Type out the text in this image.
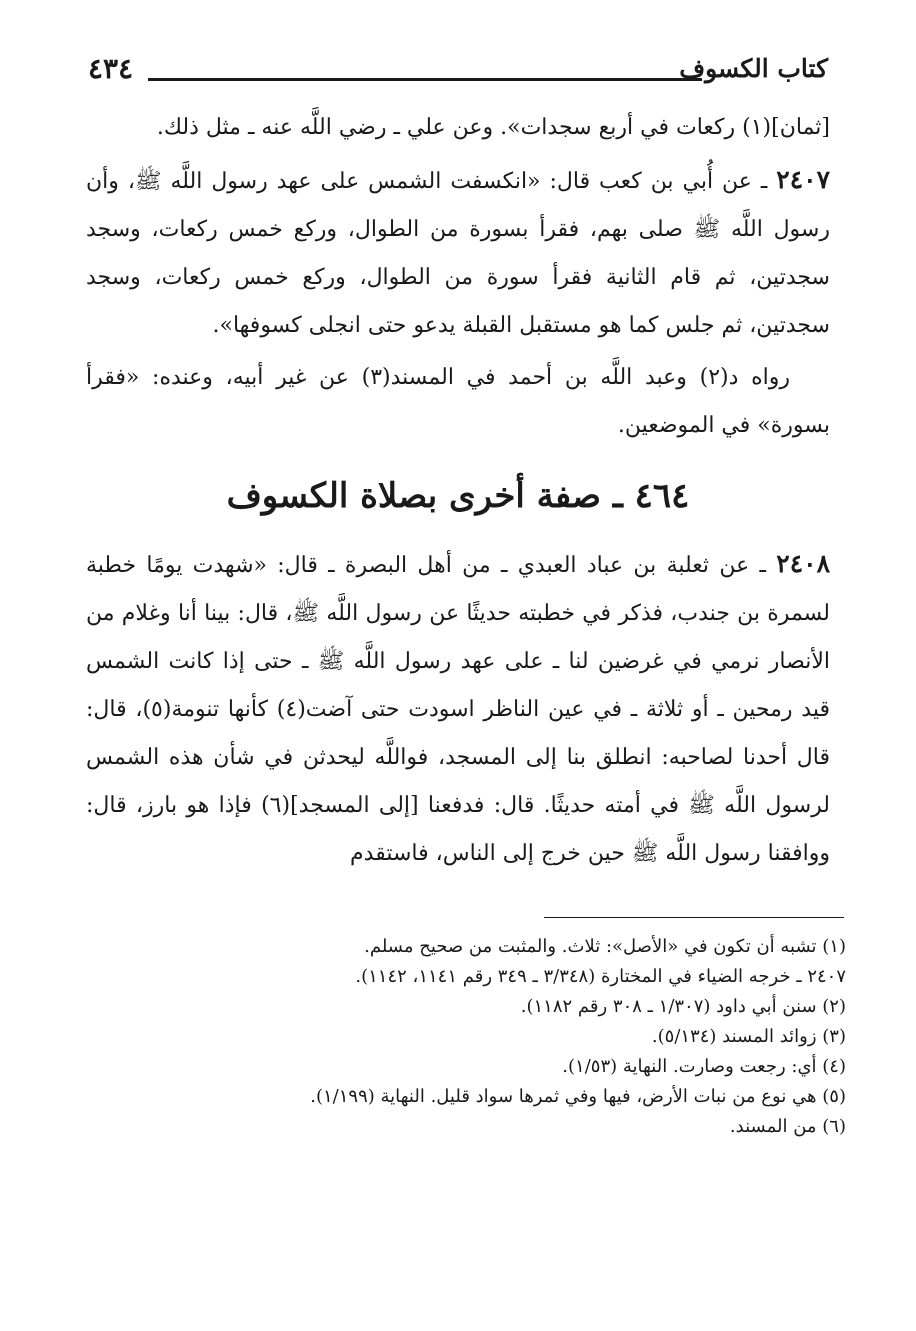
كتاب الكسوف
٤٣٤

[ثمان](١) ركعات في أربع سجدات». وعن علي ـ رضي اللَّه عنه ـ مثل ذلك.

٢٤٠٧ ـ عن أُبي بن كعب قال: «انكسفت الشمس على عهد رسول اللَّه ﷺ، وأن رسول اللَّه ﷺ صلى بهم، فقرأ بسورة من الطوال، وركع خمس ركعات، وسجد سجدتين، ثم قام الثانية فقرأ سورة من الطوال، وركع خمس ركعات، وسجد سجدتين، ثم جلس كما هو مستقبل القبلة يدعو حتى انجلى كسوفها».

رواه د(٢) وعبد اللَّه بن أحمد في المسند(٣) عن غير أبيه، وعنده: «فقرأ بسورة» في الموضعين.

٤٦٤ ـ صفة أخرى بصلاة الكسوف

٢٤٠٨ ـ عن ثعلبة بن عباد العبدي ـ من أهل البصرة ـ قال: «شهدت يومًا خطبة لسمرة بن جندب، فذكر في خطبته حديثًا عن رسول اللَّه ﷺ، قال: بينا أنا وغلام من الأنصار نرمي في غرضين لنا ـ على عهد رسول اللَّه ﷺ ـ حتى إذا كانت الشمس قيد رمحين ـ أو ثلاثة ـ في عين الناظر اسودت حتى آضت(٤) كأنها تنومة(٥)، قال: قال أحدنا لصاحبه: انطلق بنا إلى المسجد، فواللَّه ليحدثن في شأن هذه الشمس لرسول اللَّه ﷺ في أمته حديثًا. قال: فدفعنا [إلى المسجد](٦) فإذا هو بارز، قال: ووافقنا رسول اللَّه ﷺ حين خرج إلى الناس، فاستقدم

(١) تشبه أن تكون في «الأصل»: ثلاث. والمثبت من صحيح مسلم.
٢٤٠٧ ـ خرجه الضياء في المختارة (٣/٣٤٨ ـ ٣٤٩ رقم ١١٤١، ١١٤٢).
(٢) سنن أبي داود (١/٣٠٧ ـ ٣٠٨ رقم ١١٨٢).
(٣) زوائد المسند (٥/١٣٤).
(٤) أي: رجعت وصارت. النهاية (١/٥٣).
(٥) هي نوع من نبات الأرض، فيها وفي ثمرها سواد قليل. النهاية (١/١٩٩).
(٦) من المسند.
